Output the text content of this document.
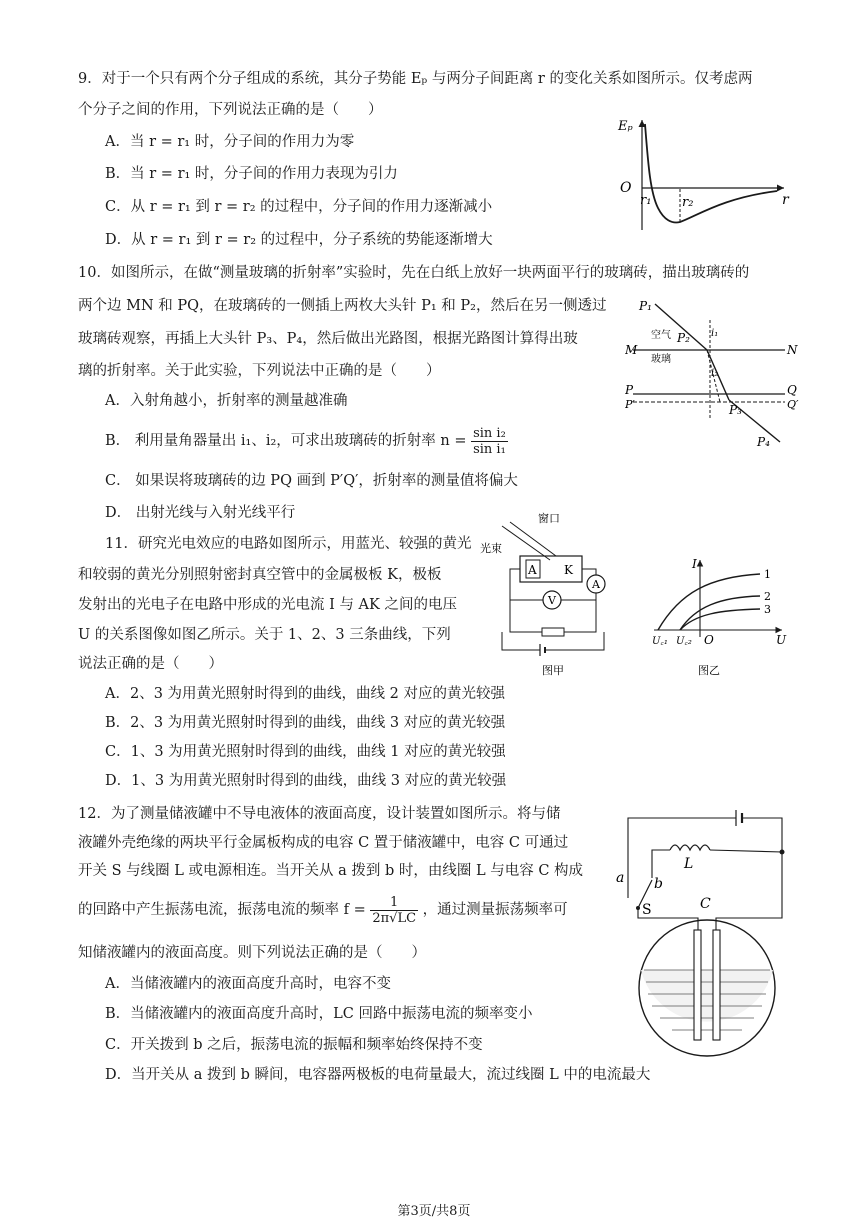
9．对于一个只有两个分子组成的系统，其分子势能 Eₚ 与两分子间距离 r 的变化关系如图所示。仅考虑两
个分子之间的作用，下列说法正确的是（　　）
A．当 r = r₁ 时，分子间的作用力为零
B．当 r = r₁ 时，分子间的作用力表现为引力
C．从 r = r₁ 到 r = r₂ 的过程中，分子间的作用力逐渐减小
D．从 r = r₁ 到 r = r₂ 的过程中，分子系统的势能逐渐增大
Eₚ
O
r₁ r₂	r
10．如图所示，在做“测量玻璃的折射率”实验时，先在白纸上放好一块两面平行的玻璃砖，描出玻璃砖的
两个边 MN 和 PQ，在玻璃砖的一侧插上两枚大头针 P₁ 和 P₂，然后在另一侧透过
玻璃砖观察，再插上大头针 P₃、P₄，然后做出光路图，根据光路图计算得出玻
璃的折射率。关于此实验，下列说法中正确的是（　　）
A．入射角越小，折射率的测量越准确
B． 利用量角器量出 i₁、i₂，可求出玻璃砖的折射率 $n = \frac{\text{sin i₂}}{\text{sin i₁}}$
C． 如果误将玻璃砖的边 PQ 画到 P′Q′，折射率的测量值将偏大
D． 出射光线与入射光线平行
P₁
P₂
空气
玻璃
M	N
P
P′
Q
Q′
i₁
i₂
P₃
P₄
11．研究光电效应的电路如图所示，用蓝光、较强的黄光
和较弱的黄光分别照射密封真空管中的金属极板 K，极板
发射出的光电子在电路中形成的光电流 I 与 AK 之间的电压
U 的关系图像如图乙所示。关于 1、2、3 三条曲线，下列
说法正确的是（　　）
A．2、3 为用黄光照射时得到的曲线，曲线 2 对应的黄光较强
B．2、3 为用黄光照射时得到的曲线，曲线 3 对应的黄光较强
C．1、3 为用黄光照射时得到的曲线，曲线 1 对应的黄光较强
D．1、3 为用黄光照射时得到的曲线，曲线 3 对应的黄光较强
A K
窗口
光束
A
V
图甲
I
U
O
U꜀₁ U꜀₂
1
2
3
图乙
12．为了测量储液罐中不导电液体的液面高度，设计装置如图所示。将与储
液罐外壳绝缘的两块平行金属板构成的电容 C 置于储液罐中，电容 C 可通过
开关 S 与线圈 L 或电源相连。当开关从 a 拨到 b 时，由线圈 L 与电容 C 构成
的回路中产生振荡电流，振荡电流的频率 $f = \frac{1}{2\pi√LC}$ ，通过测量振荡频率可
知储液罐内的液面高度。则下列说法正确的是（　　）
A．当储液罐内的液面高度升高时，电容不变
B．当储液罐内的液面高度升高时，LC 回路中振荡电流的频率变小
C．开关拨到 b 之后，振荡电流的振幅和频率始终保持不变
D．当开关从 a 拨到 b 瞬间，电容器两极板的电荷量最大，流过线圈 L 中的电流最大
a b
S
L
C
第3页/共8页
